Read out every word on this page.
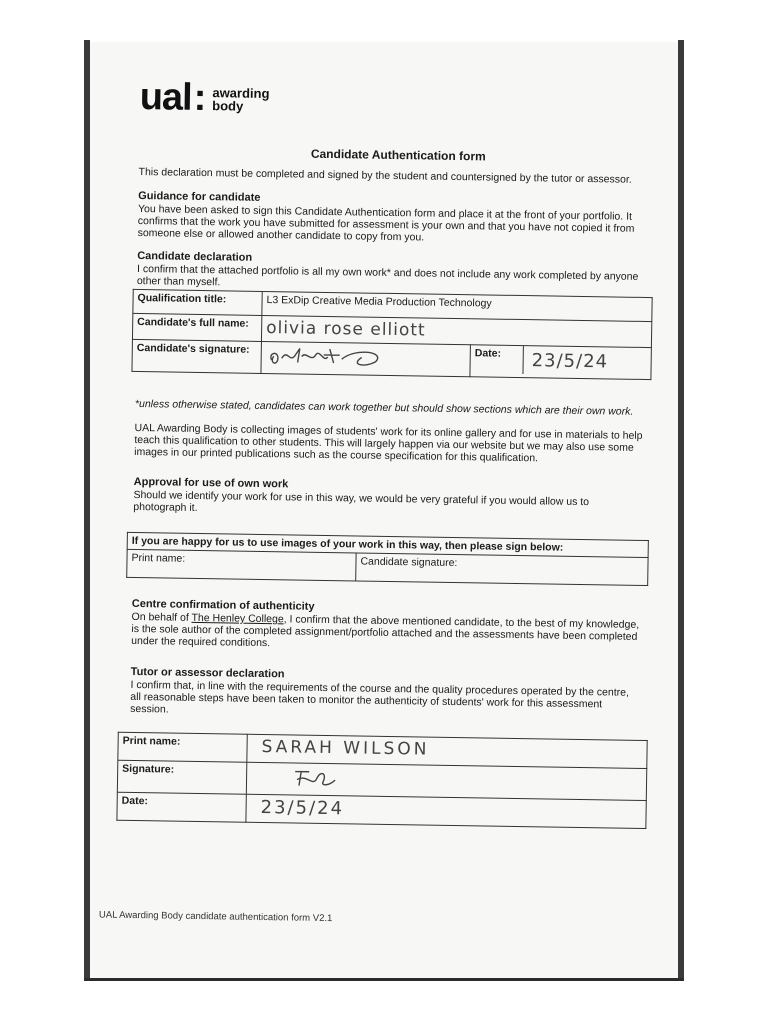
ual : awarding
body
Candidate Authentication form
This declaration must be completed and signed by the student and countersigned by the tutor or assessor.
Guidance for candidate
You have been asked to sign this Candidate Authentication form and place it at the front of your portfolio. It confirms that the work you have submitted for assessment is your own and that you have not copied it from someone else or allowed another candidate to copy from you.
Candidate declaration
I confirm that the attached portfolio is all my own work* and does not include any work completed by anyone other than myself.
Qualification title:	L3 ExDip Creative Media Production Technology	
Candidate's full name:	olivia rose elliott	
Candidate's signature:		Date: 23/5/24
*unless otherwise stated, candidates can work together but should show sections which are their own work.
UAL Awarding Body is collecting images of students' work for its online gallery and for use in materials to help teach this qualification to other students. This will largely happen via our website but we may also use some images in our printed publications such as the course specification for this qualification.
Approval for use of own work
Should we identify your work for use in this way, we would be very grateful if you would allow us to photograph it.
If you are happy for us to use images of your work in this way, then please sign below:
Print name:	Candidate signature:
Centre confirmation of authenticity
On behalf of The Henley College, I confirm that the above mentioned candidate, to the best of my knowledge, is the sole author of the completed assignment/portfolio attached and the assessments have been completed under the required conditions.
Tutor or assessor declaration
I confirm that, in line with the requirements of the course and the quality procedures operated by the centre, all reasonable steps have been taken to monitor the authenticity of students' work for this assessment session.
Print name:	SARAH WILSON
Signature:	
Date:	23/5/24
UAL Awarding Body candidate authentication form V2.1
